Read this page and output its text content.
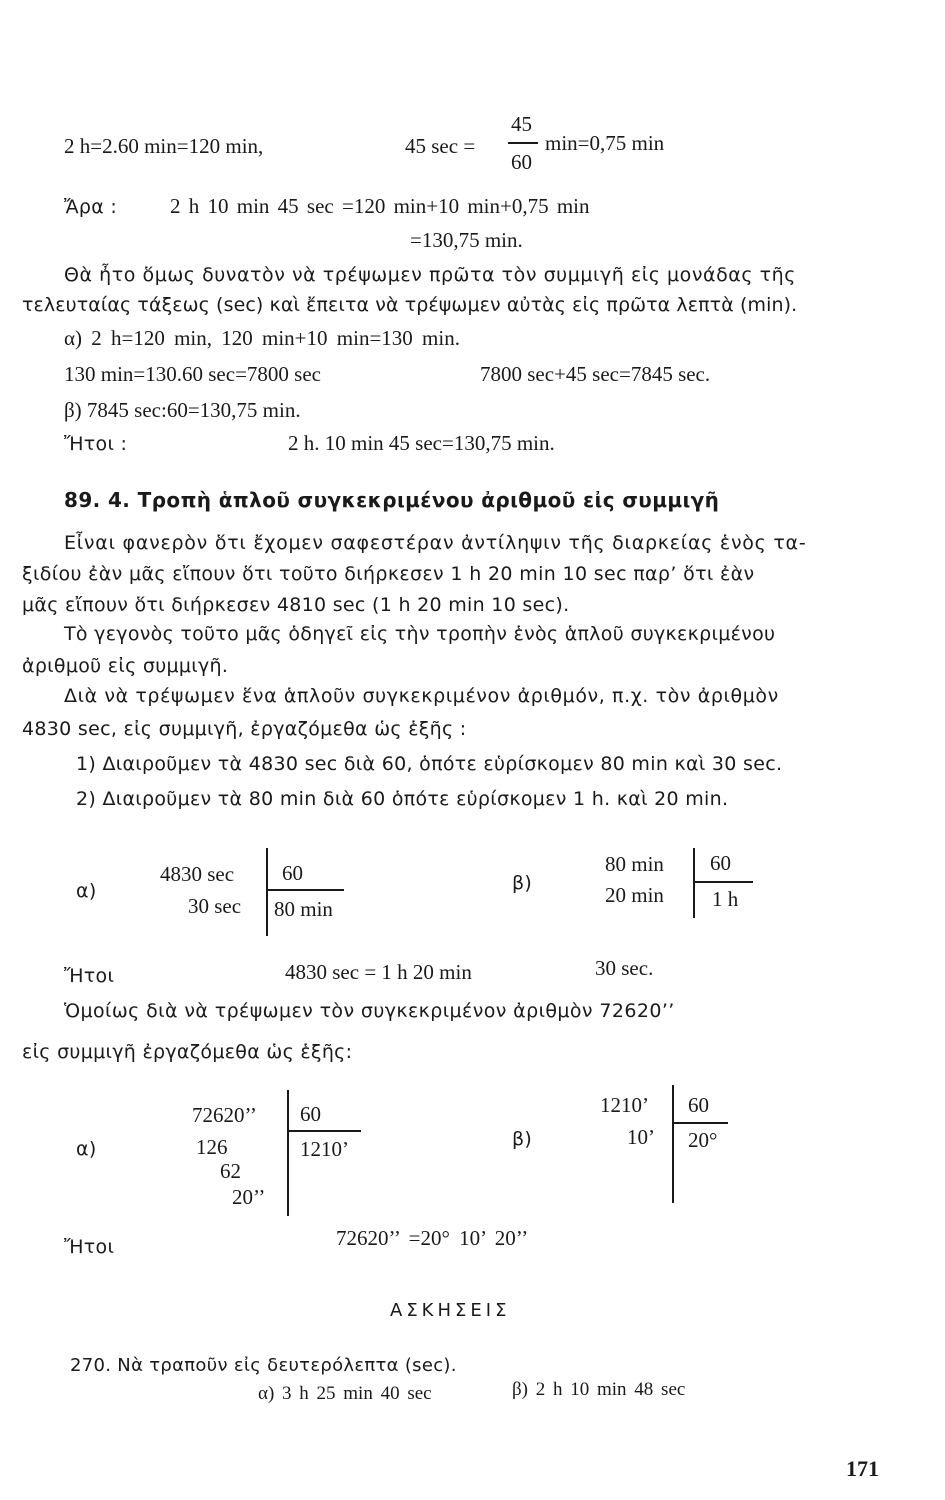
2 h=2.60 min=120 min,	45 sec =
45
60
min=0,75 min
Ἄρα :	2 h 10 min 45 sec =120 min+10 min+0,75 min
=130,75 min.
Θὰ ἦτο ὅμως δυνατὸν νὰ τρέψωμεν πρῶτα τὸν συμμιγῆ εἰς μονάδας τῆς
τελευταίας τάξεως (sec) καὶ ἔπειτα νὰ τρέψωμεν αὐτὰς εἰς πρῶτα λεπτὰ (min).
α) 2 h=120 min, 120 min+10 min=130 min.
130 min=130.60 sec=7800 sec	7800 sec+45 sec=7845 sec.
β) 7845 sec:60=130,75 min.
Ἤτοι :	2 h. 10 min 45 sec=130,75 min.
89. 4. Τροπὴ ἁπλοῦ συγκεκριμένου ἀριθμοῦ εἰς συμμιγῆ
Εἶναι φανερὸν ὅτι ἔχομεν σαφεστέραν ἀντίληψιν τῆς διαρκείας ἑνὸς τα-
ξιδίου ἐὰν μᾶς εἴπουν ὅτι τοῦτο διήρκεσεν 1 h 20 min 10 sec παρ’ ὅτι ἐὰν
μᾶς εἴπουν ὅτι διήρκεσεν 4810 sec (1 h 20 min 10 sec).
Τὸ γεγονὸς τοῦτο μᾶς ὁδηγεῖ εἰς τὴν τροπὴν ἑνὸς ἁπλοῦ συγκεκριμένου
ἀριθμοῦ εἰς συμμιγῆ.
Διὰ νὰ τρέψωμεν ἕνα ἁπλοῦν συγκεκριμένον ἀριθμόν, π.χ. τὸν ἀριθμὸν
4830 sec, εἰς συμμιγῆ, ἐργαζόμεθα ὡς ἑξῆς :
1) Διαιροῦμεν τὰ 4830 sec διὰ 60, ὁπότε εὑρίσκομεν 80 min καὶ 30 sec.
2) Διαιροῦμεν τὰ 80 min διὰ 60 ὁπότε εὑρίσκομεν 1 h. καὶ 20 min.
α)
4830 sec
30 sec
60
80 min
β)
80 min
20 min
60
1 h
Ἤτοι	4830 sec = 1 h 20 min	30 sec.
Ὁμοίως διὰ νὰ τρέψωμεν τὸν συγκεκριμένον ἀριθμὸν 72620’’
εἰς συμμιγῆ ἐργαζόμεθα ὡς ἑξῆς:
α)
72620’’
126
62
20’’
60
1210’	β)
1210’
10’
60
20°
Ἤτοι	72620’’ =20° 10’ 20’’
ΑΣΚΗΣΕΙΣ
270. Νὰ τραποῦν εἰς δευτερόλεπτα (sec).
α) 3 h 25 min 40 sec	β) 2 h 10 min 48 sec
171
